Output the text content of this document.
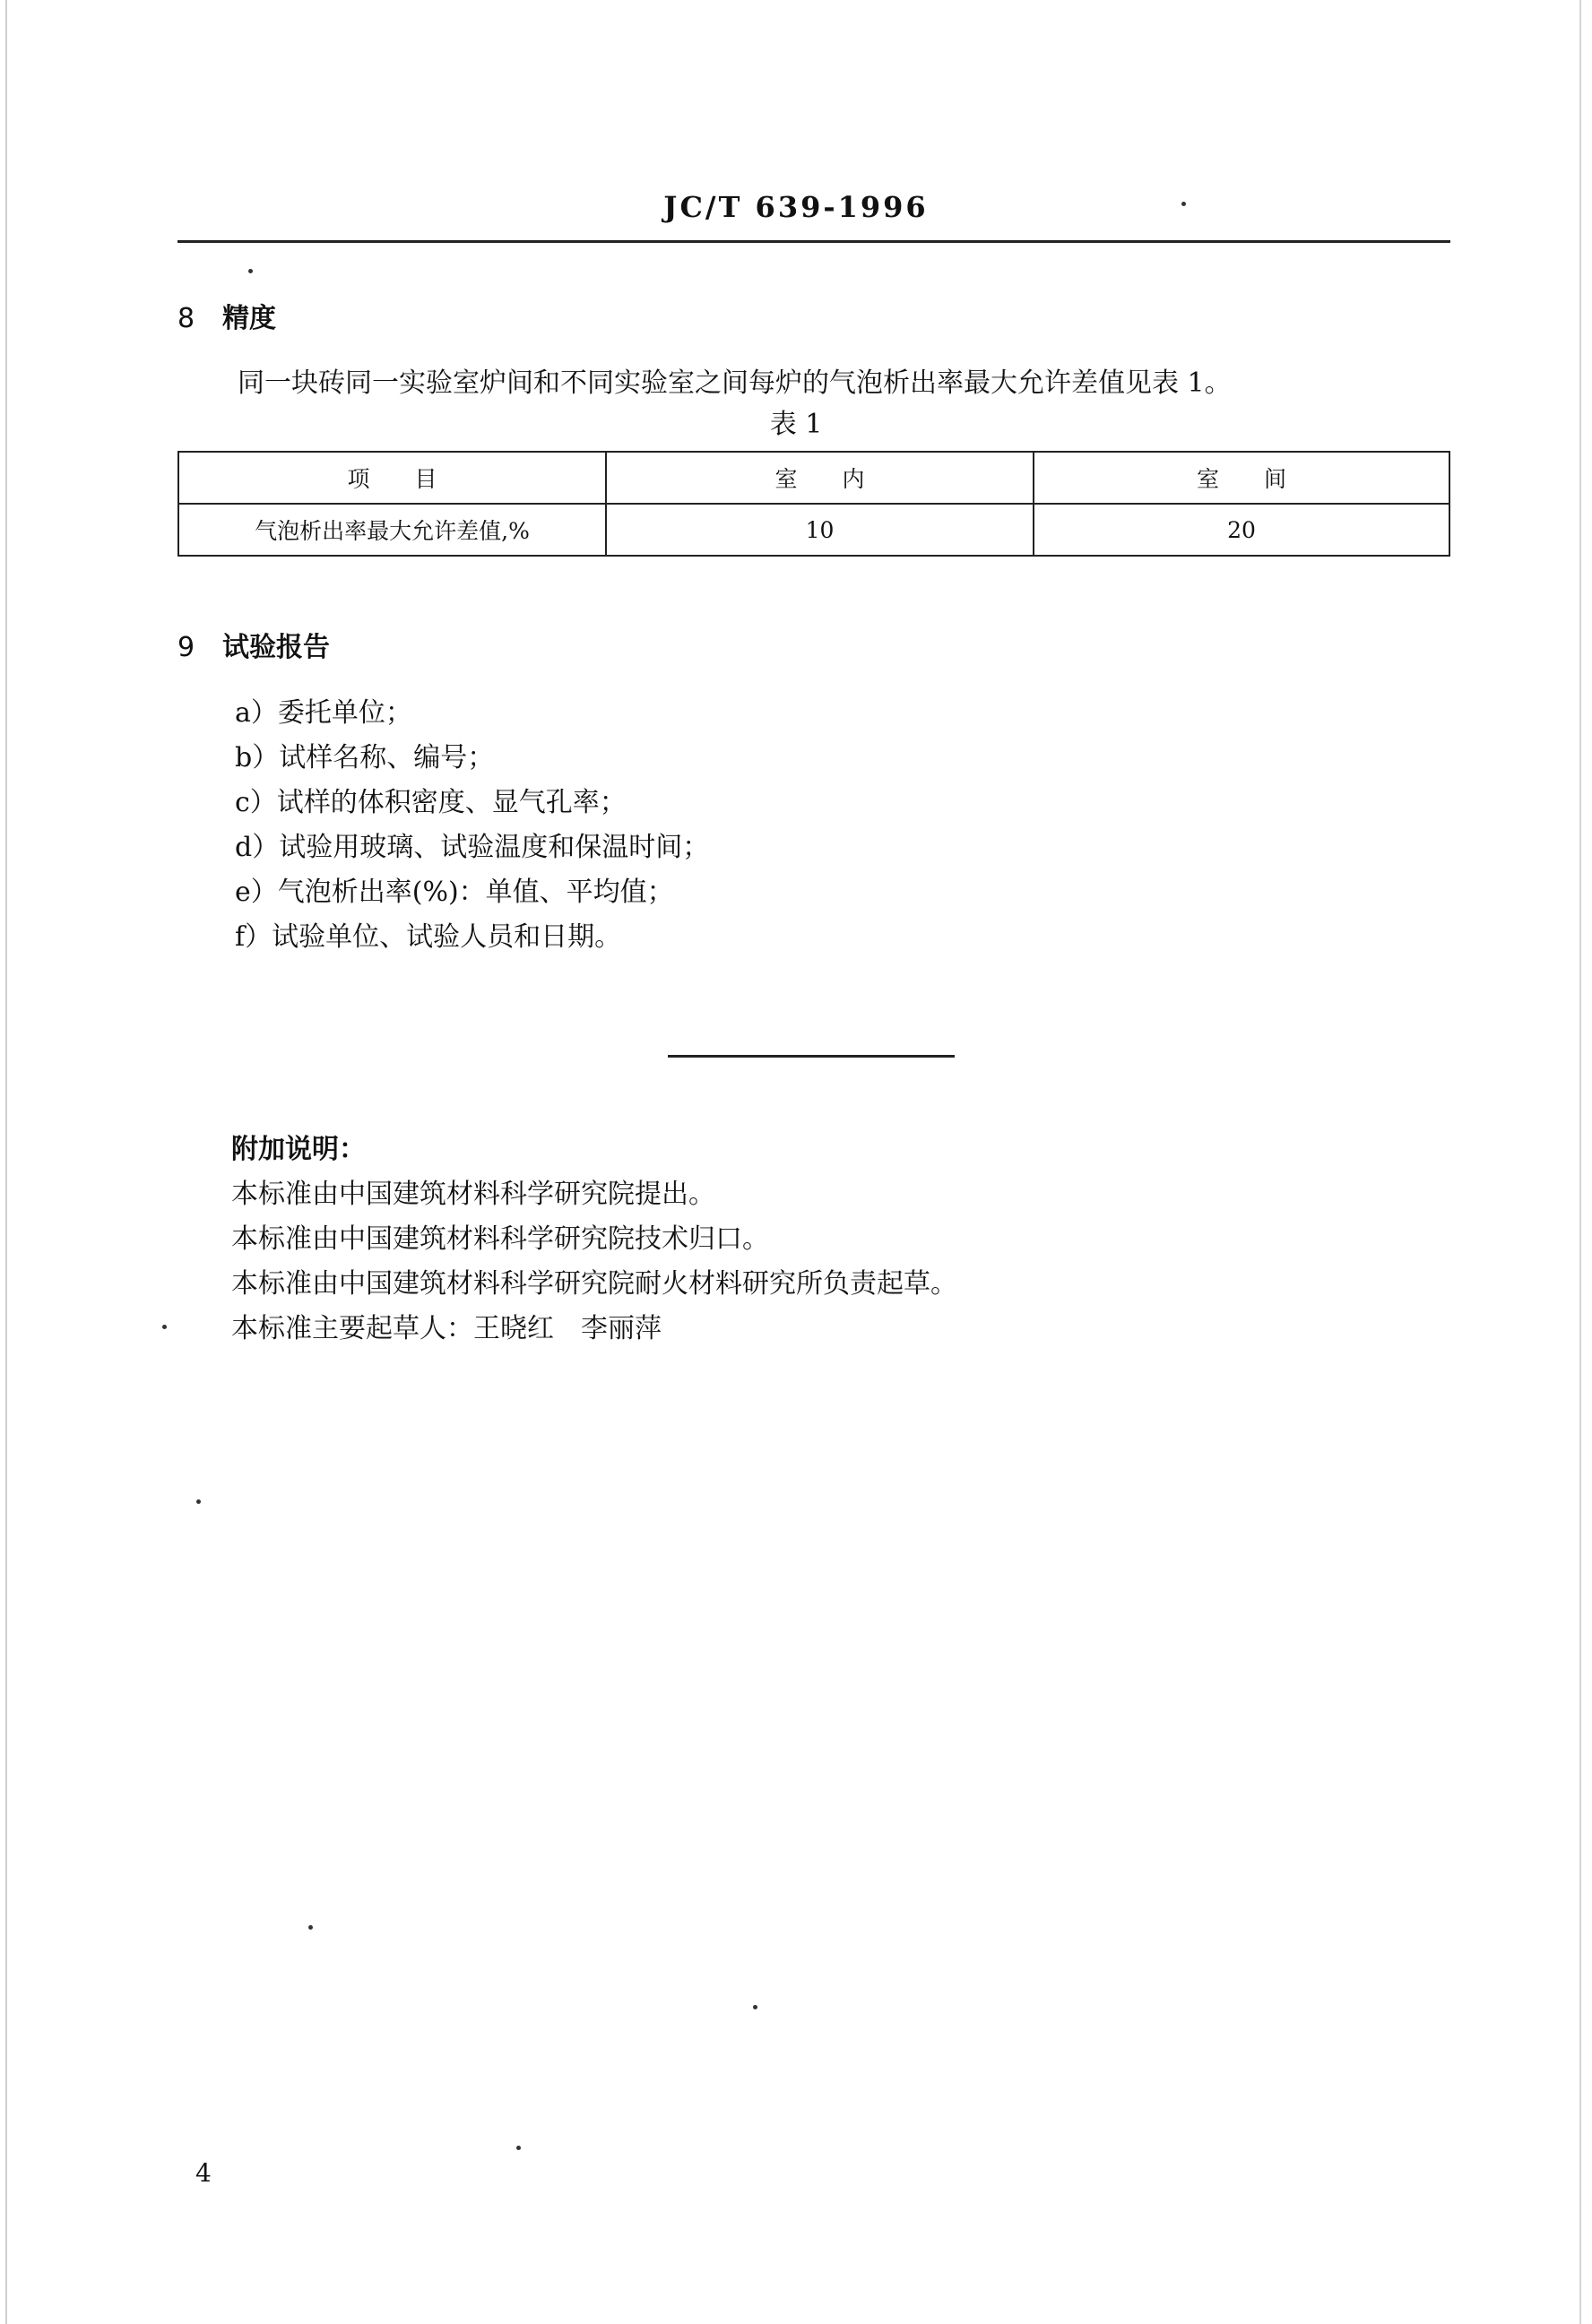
JC/T 639-1996
8 精度
同一块砖同一实验室炉间和不同实验室之间每炉的气泡析出率最大允许差值见表 1。
表 1
项　　目	室　　内	室　　间
气泡析出率最大允许差值,%	10	20
9 试验报告
a）委托单位；
b）试样名称、编号；
c）试样的体积密度、显气孔率；
d）试验用玻璃、试验温度和保温时间；
e）气泡析出率(%)：单值、平均值；
f）试验单位、试验人员和日期。
附加说明：
本标准由中国建筑材料科学研究院提出。
本标准由中国建筑材料科学研究院技术归口。
本标准由中国建筑材料科学研究院耐火材料研究所负责起草。
本标准主要起草人：王晓红　李丽萍
4
